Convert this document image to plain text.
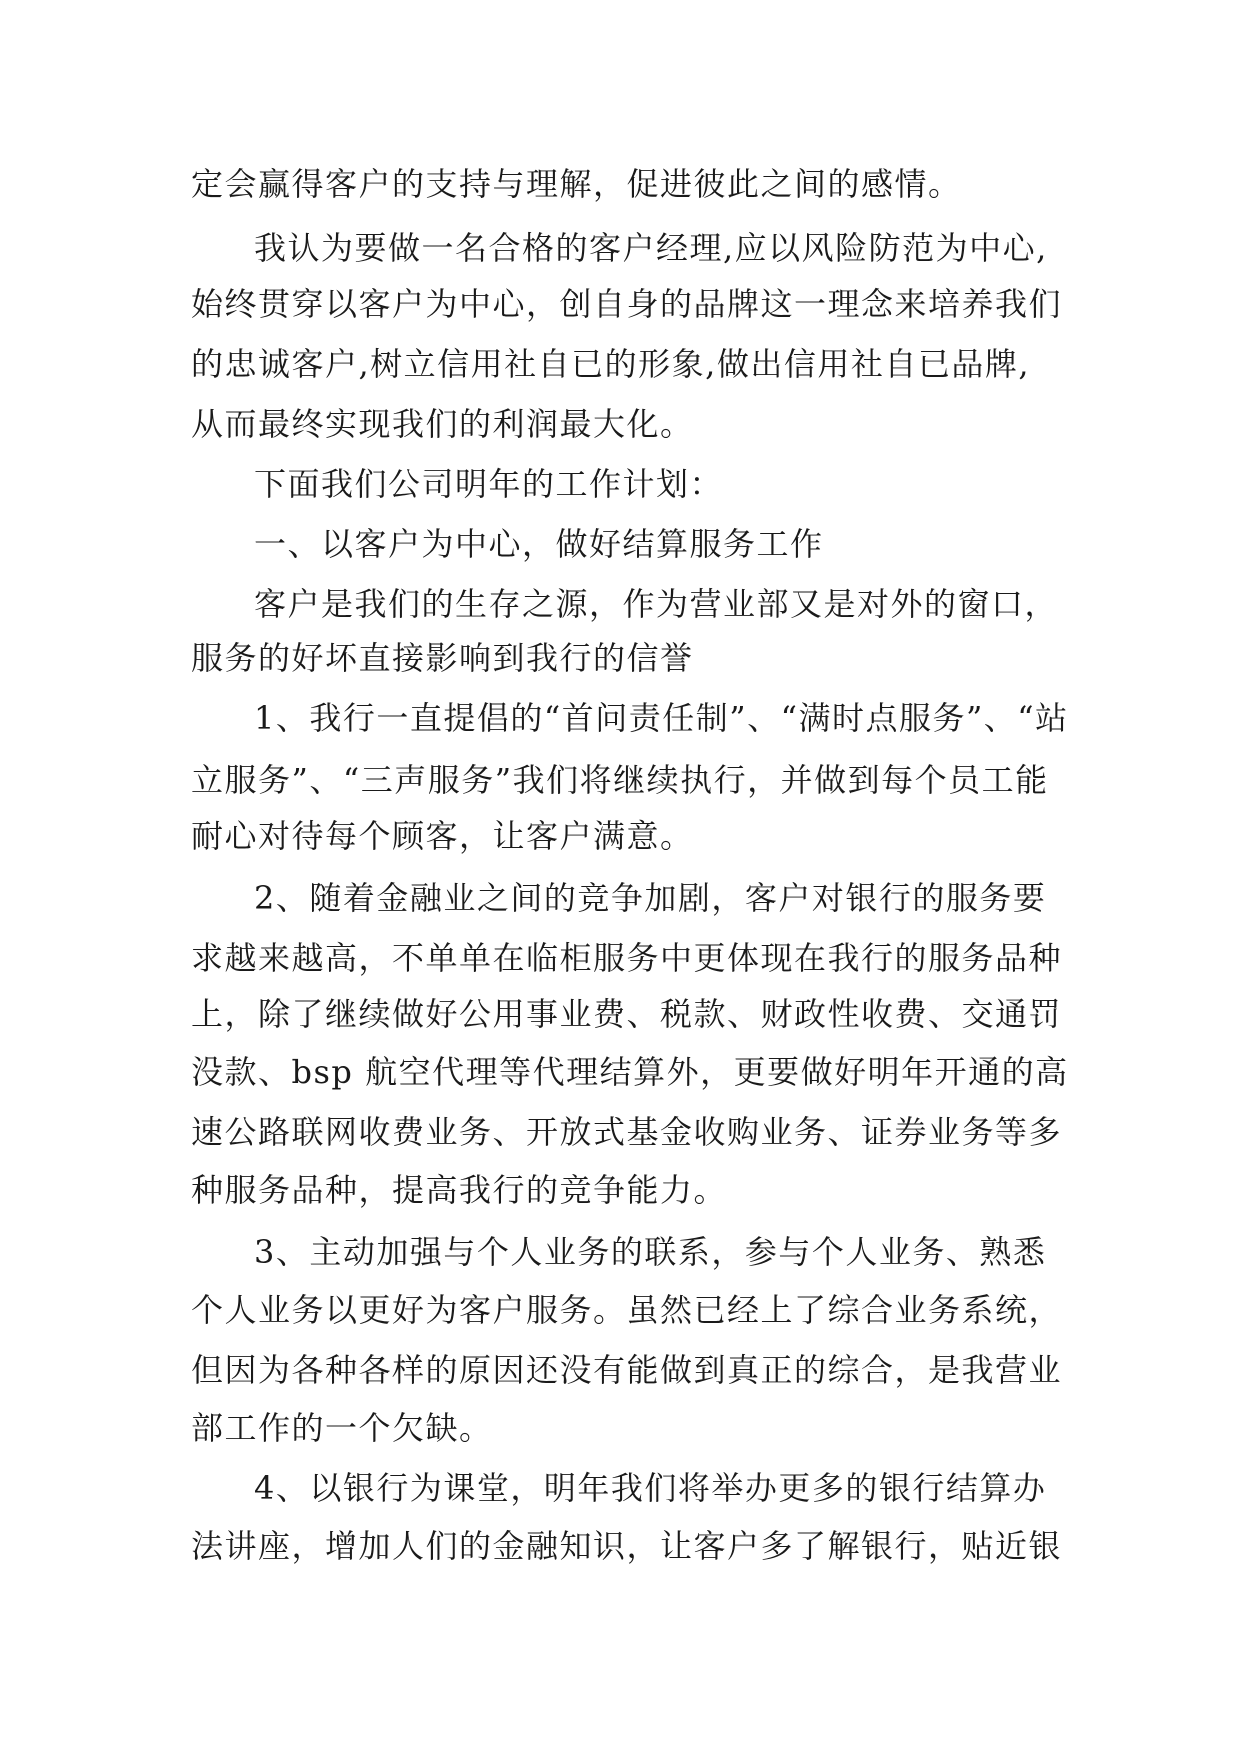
定会赢得客户的支持与理解，促进彼此之间的感情。
我认为要做一名合格的客户经理,应以风险防范为中心,
始终贯穿以客户为中心，创自身的品牌这一理念来培养我们
的忠诚客户,树立信用社自已的形象,做出信用社自已品牌,
从而最终实现我们的利润最大化。
下面我们公司明年的工作计划：
一、以客户为中心，做好结算服务工作
客户是我们的生存之源，作为营业部又是对外的窗口，
服务的好坏直接影响到我行的信誉
1、我行一直提倡的“首问责任制”、“满时点服务”、“站
立服务”、“三声服务”我们将继续执行，并做到每个员工能
耐心对待每个顾客，让客户满意。
2、随着金融业之间的竞争加剧，客户对银行的服务要
求越来越高，不单单在临柜服务中更体现在我行的服务品种
上，除了继续做好公用事业费、税款、财政性收费、交通罚
没款、bsp 航空代理等代理结算外，更要做好明年开通的高
速公路联网收费业务、开放式基金收购业务、证券业务等多
种服务品种，提高我行的竞争能力。
3、主动加强与个人业务的联系，参与个人业务、熟悉
个人业务以更好为客户服务。虽然已经上了综合业务系统，
但因为各种各样的原因还没有能做到真正的综合，是我营业
部工作的一个欠缺。
4、以银行为课堂，明年我们将举办更多的银行结算办
法讲座，增加人们的金融知识，让客户多了解银行，贴近银
